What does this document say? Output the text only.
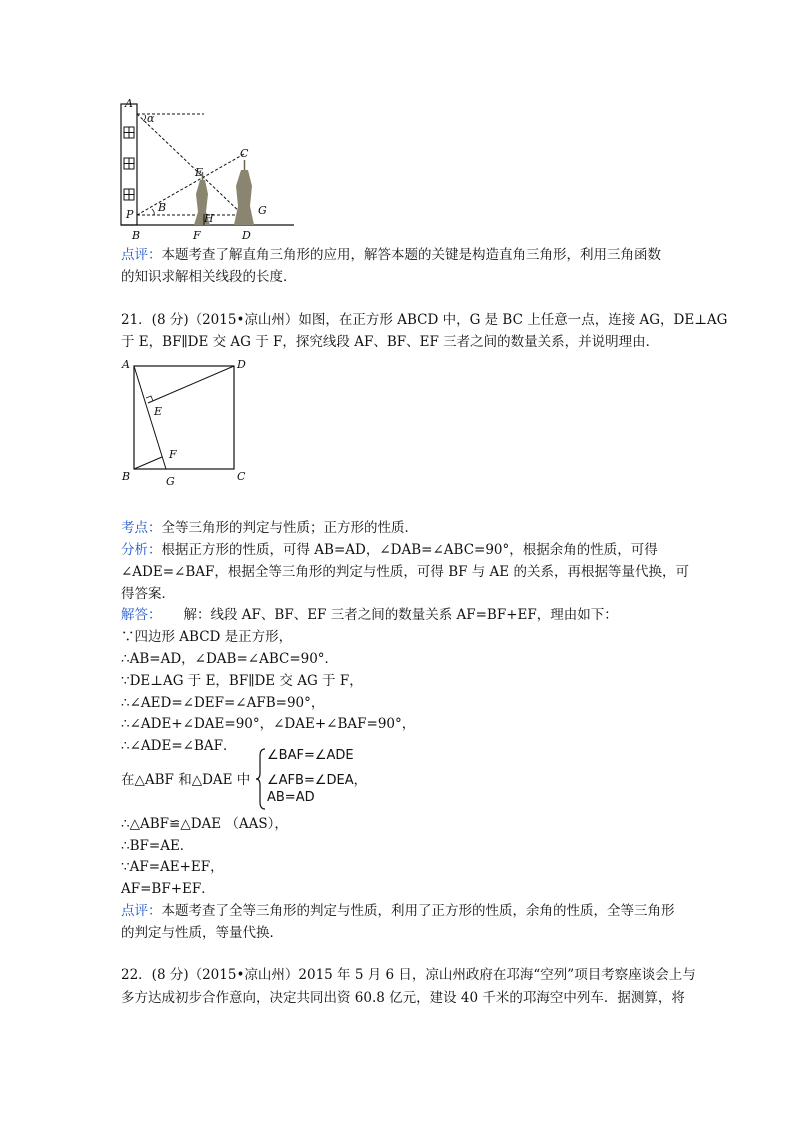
A
α
E
C
G
P
B
H
B	F	D
点评：本题考查了解直角三角形的应用，解答本题的关键是构造直角三角形，利用三角函数
的知识求解相关线段的长度．
21．(8 分)（2015•凉山州）如图，在正方形 ABCD 中，G 是 BC 上任意一点，连接 AG，DE⊥AG
于 E，BF∥DE 交 AG 于 F，探究线段 AF、BF、EF 三者之间的数量关系，并说明理由．
A	D
E
F
B	G	C
考点：全等三角形的判定与性质；正方形的性质．
分析：根据正方形的性质，可得 AB=AD，∠DAB=∠ABC=90°，根据余角的性质，可得
∠ADE=∠BAF，根据全等三角形的判定与性质，可得 BF 与 AE 的关系，再根据等量代换，可
得答案．
解答： 解：线段 AF、BF、EF 三者之间的数量关系 AF=BF+EF，理由如下：
∵四边形 ABCD 是正方形，
∴AB=AD，∠DAB=∠ABC=90°．
∵DE⊥AG 于 E，BF∥DE 交 AG 于 F，
∴∠AED=∠DEF=∠AFB=90°，
∴∠ADE+∠DAE=90°，∠DAE+∠BAF=90°，
∴∠ADE=∠BAF．
在△ABF 和△DAE 中
∠BAF=∠ADE
∠AFB=∠DEA，
AB=AD
∴△ABF≌△DAE （AAS），
∴BF=AE．
∵AF=AE+EF，
AF=BF+EF．
点评：本题考查了全等三角形的判定与性质，利用了正方形的性质，余角的性质，全等三角形
的判定与性质，等量代换．
22．(8 分)（2015•凉山州）2015 年 5 月 6 日，凉山州政府在邛海“空列”项目考察座谈会上与
多方达成初步合作意向，决定共同出资 60.8 亿元，建设 40 千米的邛海空中列车．据测算，将
